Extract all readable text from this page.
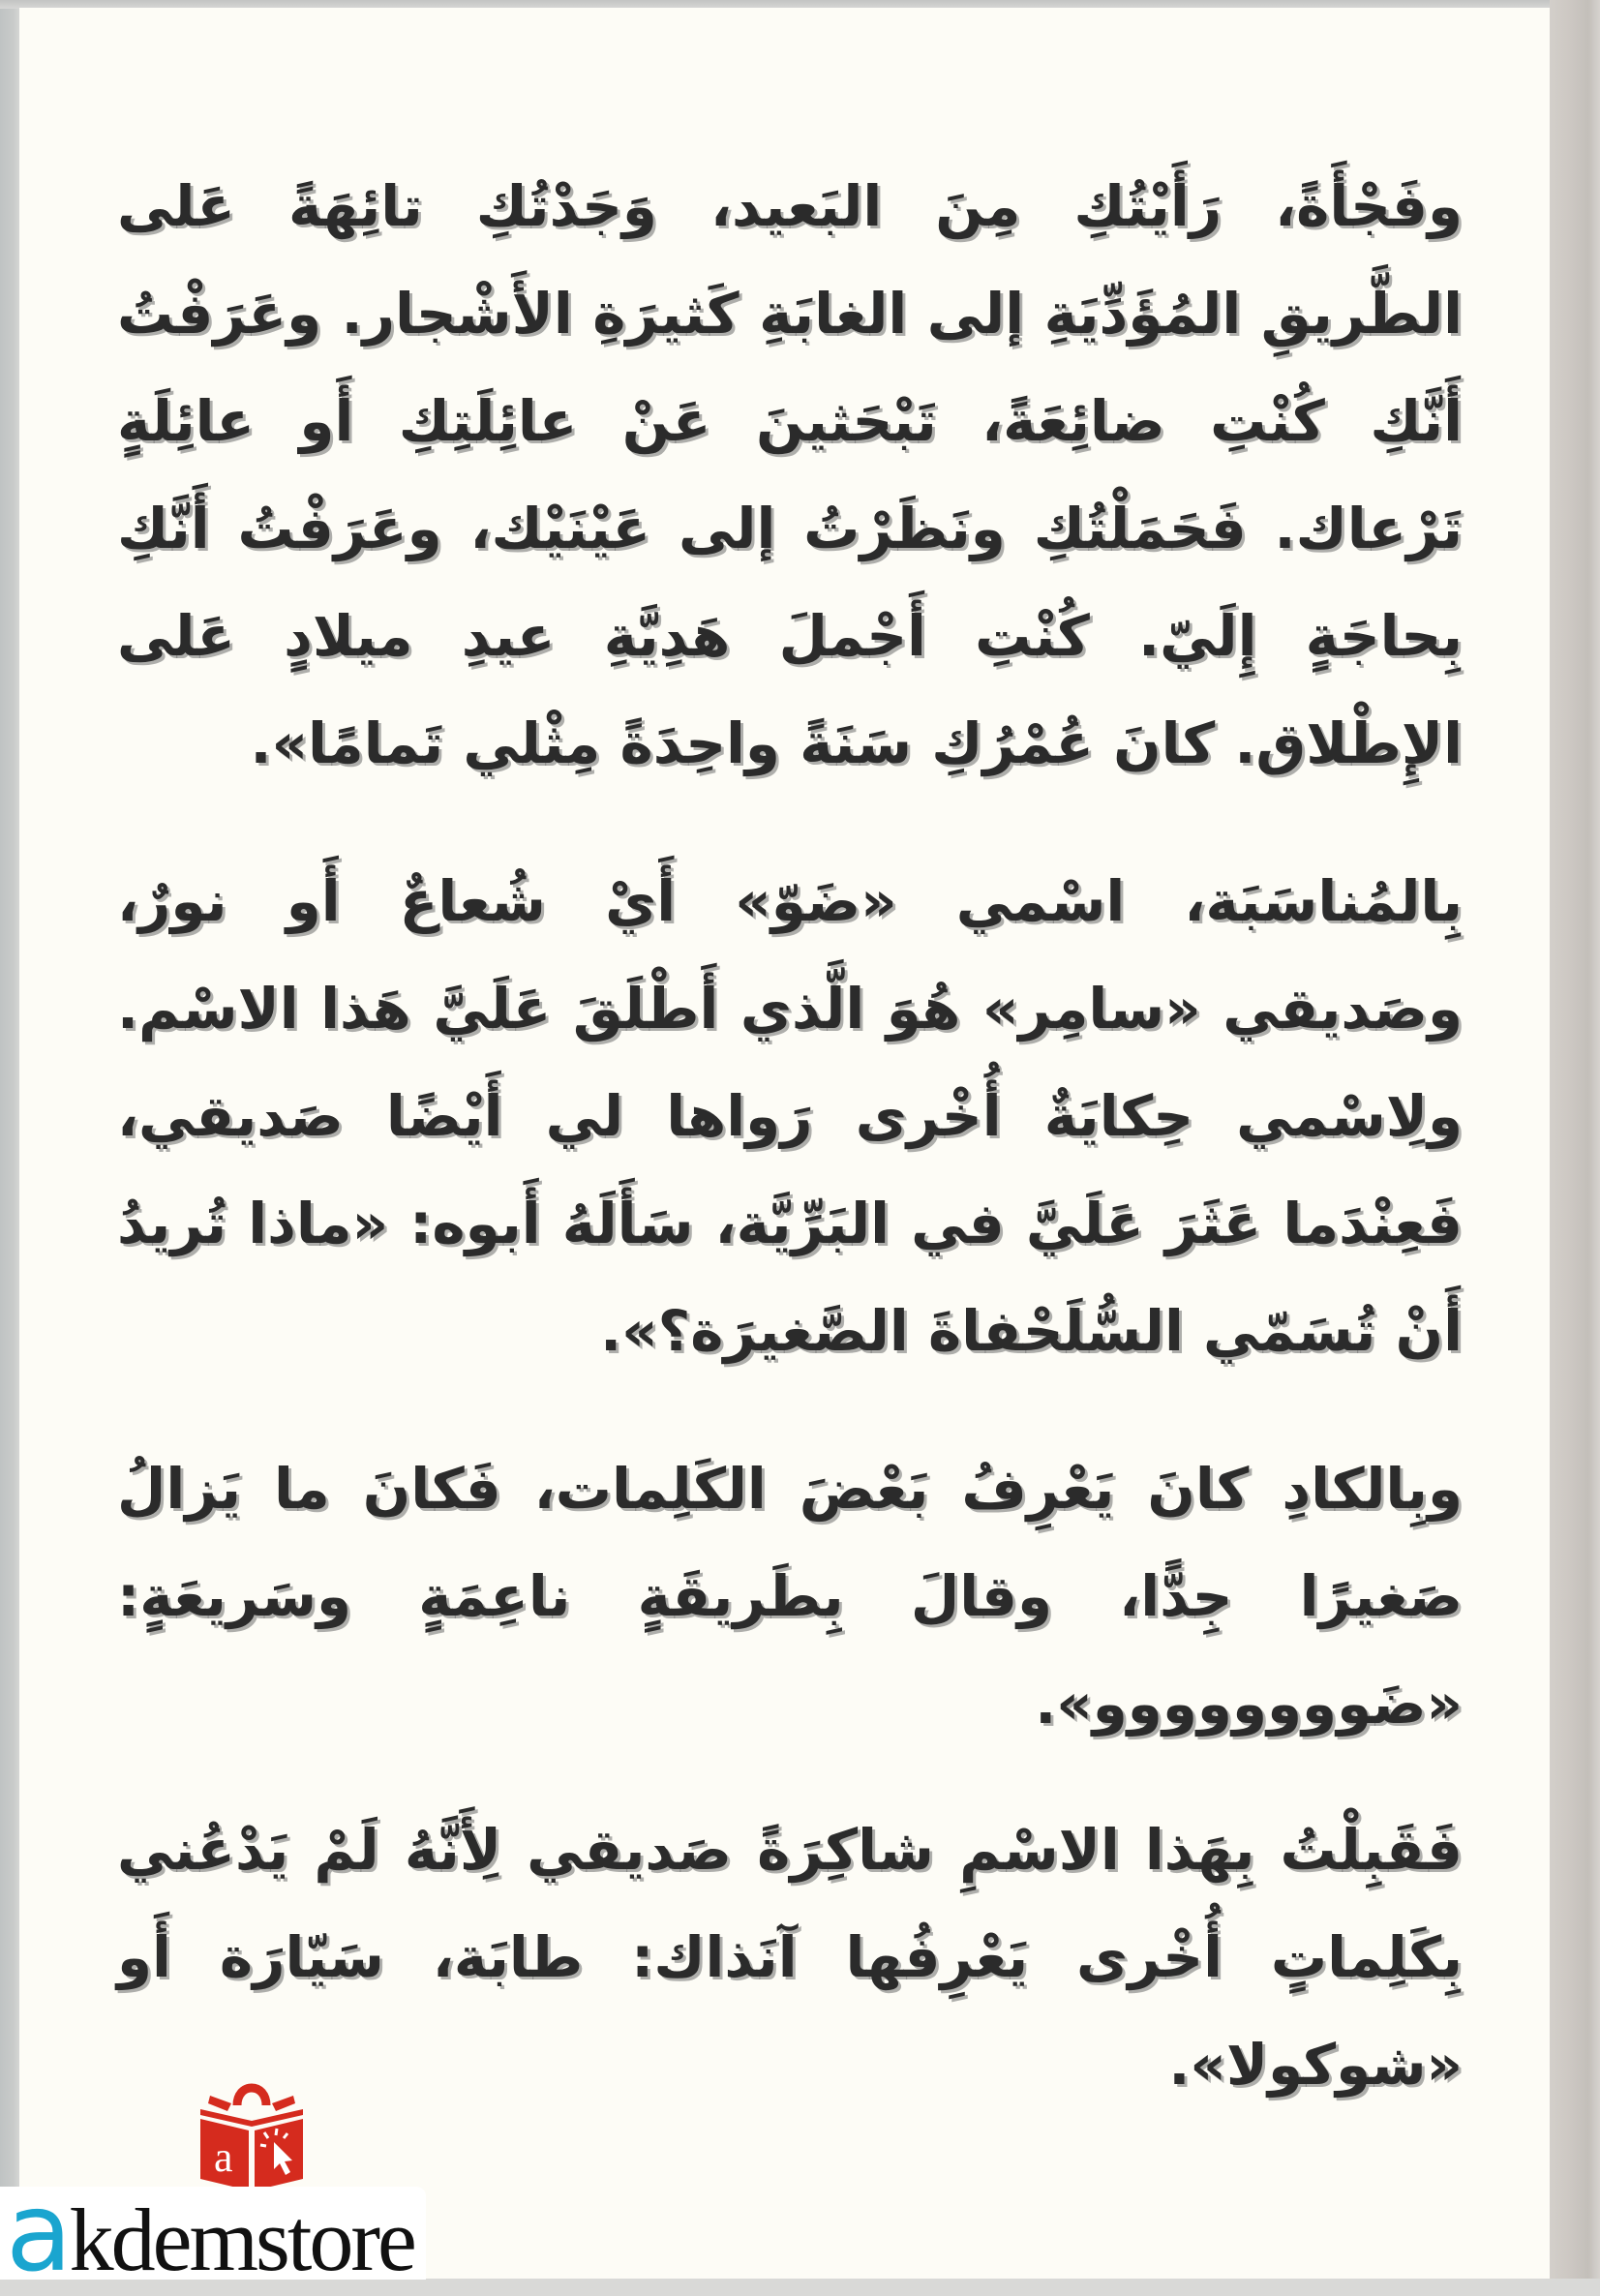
وفَجْأَةً، رَأَيْتُكِ مِنَ البَعيد، وَجَدْتُكِ تائِهَةً عَلى الطَّريقِ المُؤَدِّيَةِ إلى الغابَةِ كَثيرَةِ الأَشْجار. وعَرَفْتُ أَنَّكِ كُنْتِ ضائِعَةً، تَبْحَثينَ عَنْ عائِلَتِكِ أَو عائِلَةٍ تَرْعاك. فَحَمَلْتُكِ ونَظَرْتُ إلى عَيْنَيْك، وعَرَفْتُ أَنَّكِ بِحاجَةٍ إِلَيّ. كُنْتِ أَجْملَ هَدِيَّةِ عيدِ ميلادٍ عَلى الإِطْلاق. كانَ عُمْرُكِ سَنَةً واحِدَةً مِثْلي تَمامًا».

بِالمُناسَبَة، اسْمي «ضَوّ» أَيْ شُعاعٌ أَو نورٌ، وصَديقي «سامِر» هُوَ الَّذي أَطْلَقَ عَلَيَّ هَذا الاسْم. ولِاسْمي حِكايَةٌ أُخْرى رَواها لي أَيْضًا صَديقي، فَعِنْدَما عَثَرَ عَلَيَّ في البَرِّيَّة، سَأَلَهُ أَبوه: «ماذا تُريدُ أَنْ تُسَمّي السُّلَحْفاةَ الصَّغيرَة؟».

وبِالكادِ كانَ يَعْرِفُ بَعْضَ الكَلِمات، فَكانَ ما يَزالُ صَغيرًا جِدًّا، وقالَ بِطَريقَةٍ ناعِمَةٍ وسَريعَةٍ: «ضَوووووووو».

فَقَبِلْتُ بِهَذا الاسْمِ شاكِرَةً صَديقي لِأَنَّهُ لَمْ يَدْعُني بِكَلِماتٍ أُخْرى يَعْرِفُها آنَذاك: طابَة، سَيّارَة أَو «شوكولا».

a
akdemstore
